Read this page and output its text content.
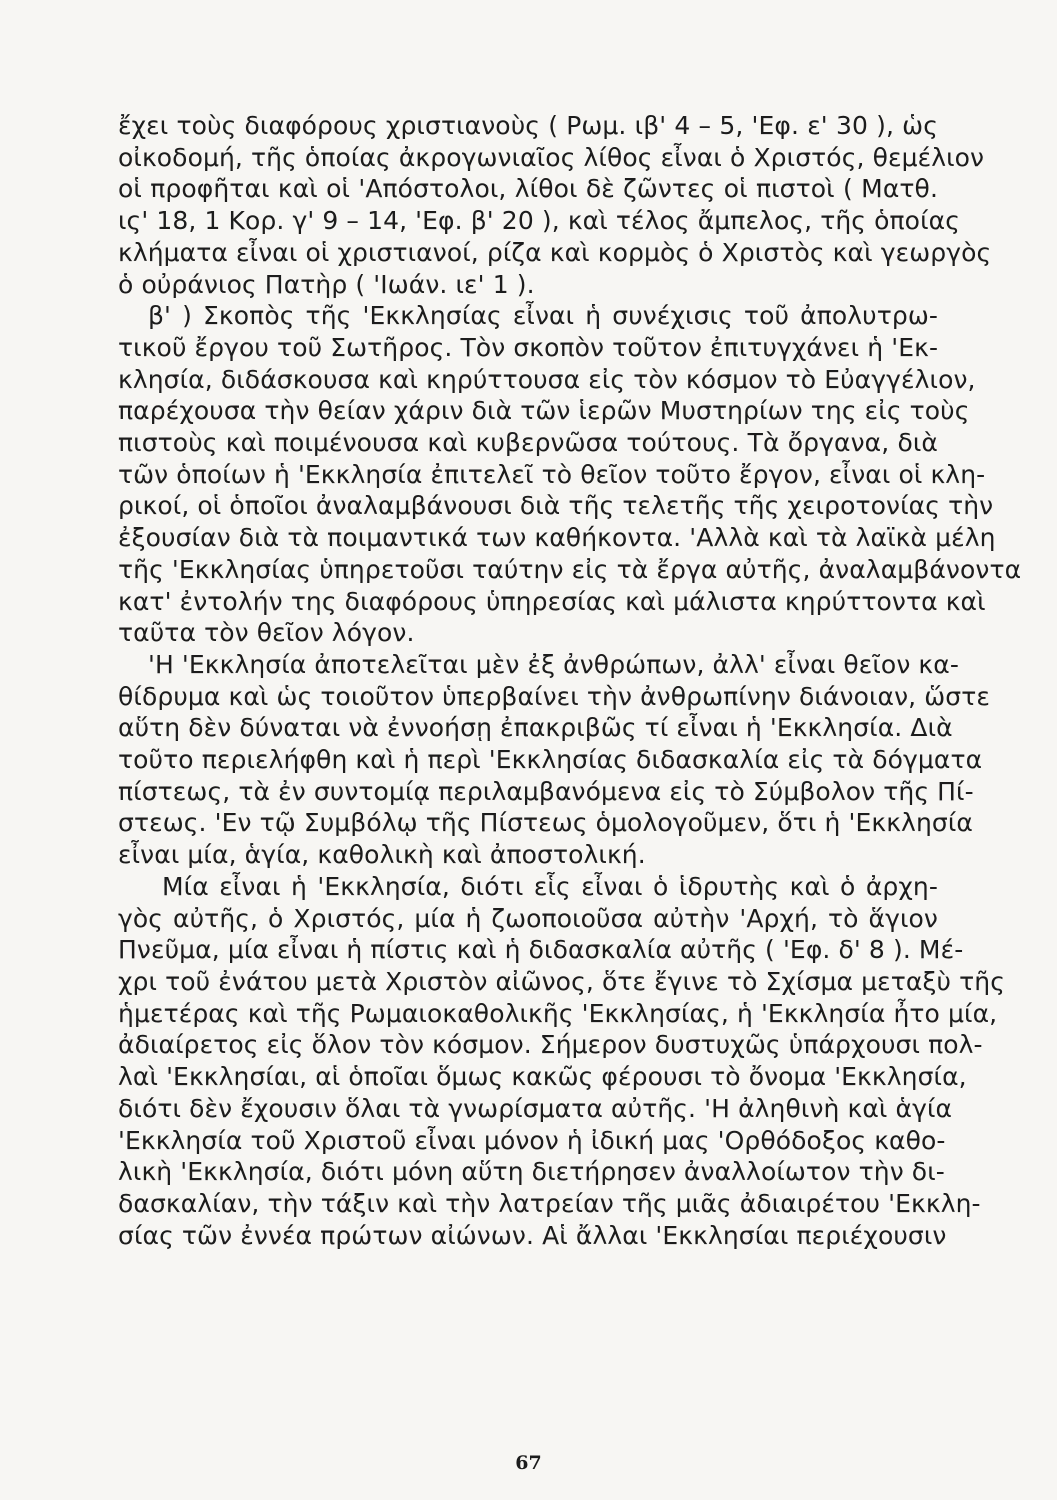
ἔχει τοὺς διαφόρους χριστιανοὺς ( Ρωμ. ιβ' 4 – 5, 'Εφ. ε' 30 ), ὡς
οἰκοδομή, τῆς ὁποίας ἀκρογωνιαῖος λίθος εἶναι ὁ Χριστός, θεμέλιον
οἱ προφῆται καὶ οἱ 'Απόστολοι, λίθοι δὲ ζῶντες οἱ πιστοὶ ( Ματθ.
ις' 18, 1 Κορ. γ' 9 – 14, 'Εφ. β' 20 ), καὶ τέλος ἄμπελος, τῆς ὁποίας
κλήματα εἶναι οἱ χριστιανοί, ρίζα καὶ κορμὸς ὁ Χριστὸς καὶ γεωργὸς
ὁ οὐράνιος Πατὴρ ( 'Ιωάν. ιε' 1 ).
β' ) Σκοπὸς τῆς 'Εκκλησίας εἶναι ἡ συνέχισις τοῦ ἀπολυτρω-
τικοῦ ἔργου τοῦ Σωτῆρος. Τὸν σκοπὸν τοῦτον ἐπιτυγχάνει ἡ 'Εκ-
κλησία, διδάσκουσα καὶ κηρύττουσα εἰς τὸν κόσμον τὸ Εὐαγγέλιον,
παρέχουσα τὴν θείαν χάριν διὰ τῶν ἱερῶν Μυστηρίων της εἰς τοὺς
πιστοὺς καὶ ποιμένουσα καὶ κυβερνῶσα τούτους. Τὰ ὄργανα, διὰ
τῶν ὁποίων ἡ 'Εκκλησία ἐπιτελεῖ τὸ θεῖον τοῦτο ἔργον, εἶναι οἱ κλη-
ρικοί, οἱ ὁποῖοι ἀναλαμβάνουσι διὰ τῆς τελετῆς τῆς χειροτονίας τὴν
ἐξουσίαν διὰ τὰ ποιμαντικά των καθήκοντα. 'Αλλὰ καὶ τὰ λαϊκὰ μέλη
τῆς 'Εκκλησίας ὑπηρετοῦσι ταύτην εἰς τὰ ἔργα αὐτῆς, ἀναλαμβάνοντα
κατ' ἐντολήν της διαφόρους ὑπηρεσίας καὶ μάλιστα κηρύττοντα καὶ
ταῦτα τὸν θεῖον λόγον.
'Η 'Εκκλησία ἀποτελεῖται μὲν ἐξ ἀνθρώπων, ἀλλ' εἶναι θεῖον κα-
θίδρυμα καὶ ὡς τοιοῦτον ὑπερβαίνει τὴν ἀνθρωπίνην διάνοιαν, ὥστε
αὕτη δὲν δύναται νὰ ἐννοήσῃ ἐπακριβῶς τί εἶναι ἡ 'Εκκλησία. Διὰ
τοῦτο περιελήφθη καὶ ἡ περὶ 'Εκκλησίας διδασκαλία εἰς τὰ δόγματα
πίστεως, τὰ ἐν συντομίᾳ περιλαμβανόμενα εἰς τὸ Σύμβολον τῆς Πί-
στεως. 'Εν τῷ Συμβόλῳ τῆς Πίστεως ὁμολογοῦμεν, ὅτι ἡ 'Εκκλησία
εἶναι μία, ἁγία, καθολικὴ καὶ ἀποστολική.
Μία εἶναι ἡ 'Εκκλησία, διότι εἷς εἶναι ὁ ἱδρυτὴς καὶ ὁ ἀρχη-
γὸς αὐτῆς, ὁ Χριστός, μία ἡ ζωοποιοῦσα αὐτὴν 'Αρχή, τὸ ἅγιον
Πνεῦμα, μία εἶναι ἡ πίστις καὶ ἡ διδασκαλία αὐτῆς ( 'Εφ. δ' 8 ). Μέ-
χρι τοῦ ἐνάτου μετὰ Χριστὸν αἰῶνος, ὅτε ἔγινε τὸ Σχίσμα μεταξὺ τῆς
ἡμετέρας καὶ τῆς Ρωμαιοκαθολικῆς 'Εκκλησίας, ἡ 'Εκκλησία ἦτο μία,
ἀδιαίρετος εἰς ὅλον τὸν κόσμον. Σήμερον δυστυχῶς ὑπάρχουσι πολ-
λαὶ 'Εκκλησίαι, αἱ ὁποῖαι ὅμως κακῶς φέρουσι τὸ ὄνομα 'Εκκλησία,
διότι δὲν ἔχουσιν ὅλαι τὰ γνωρίσματα αὐτῆς. 'Η ἀληθινὴ καὶ ἁγία
'Εκκλησία τοῦ Χριστοῦ εἶναι μόνον ἡ ἰδική μας 'Ορθόδοξος καθο-
λικὴ 'Εκκλησία, διότι μόνη αὕτη διετήρησεν ἀναλλοίωτον τὴν δι-
δασκαλίαν, τὴν τάξιν καὶ τὴν λατρείαν τῆς μιᾶς ἀδιαιρέτου 'Εκκλη-
σίας τῶν ἐννέα πρώτων αἰώνων. Αἱ ἄλλαι 'Εκκλησίαι περιέχουσιν
67
